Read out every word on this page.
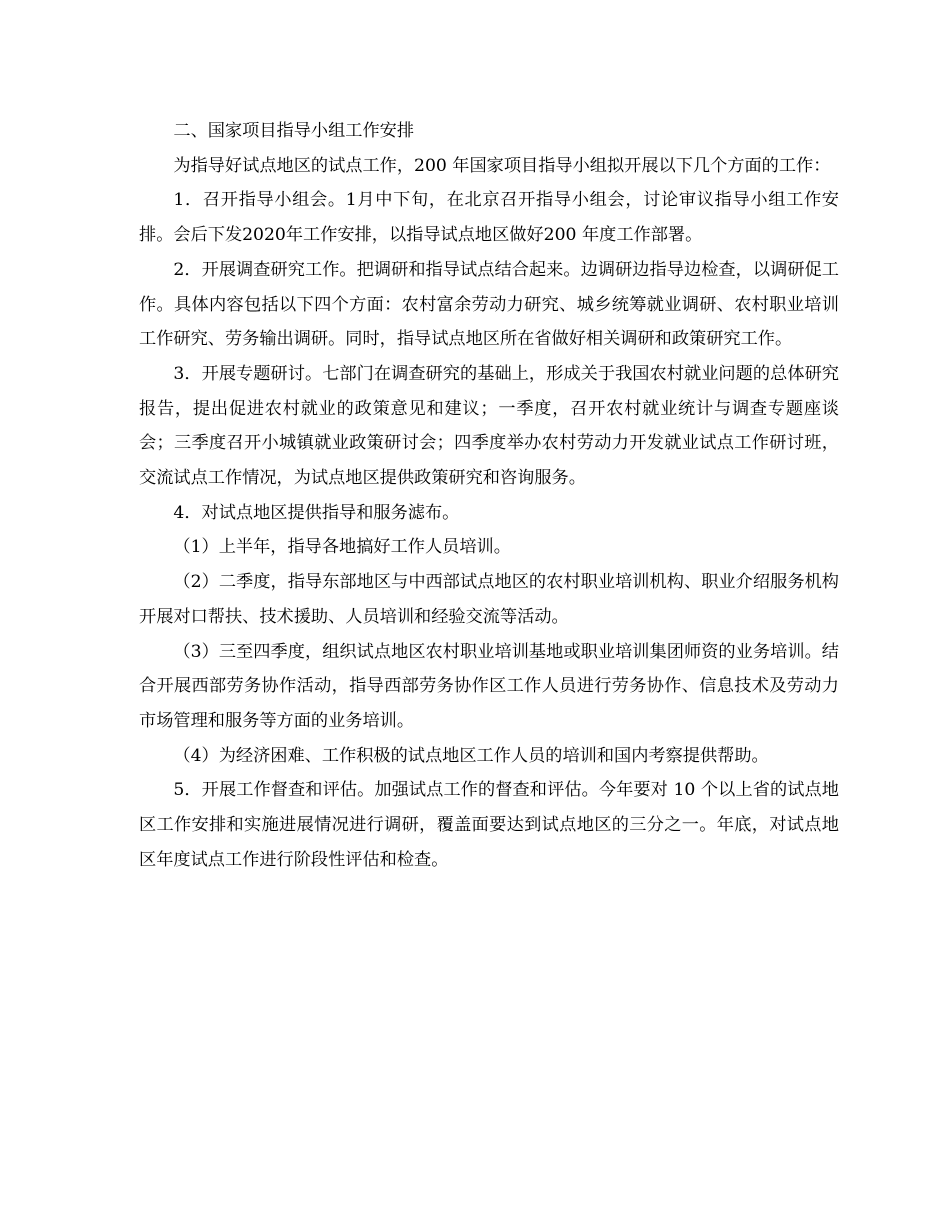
二、国家项目指导小组工作安排

为指导好试点地区的试点工作，200 年国家项目指导小组拟开展以下几个方面的工作：

1．召开指导小组会。1月中下旬，在北京召开指导小组会，讨论审议指导小组工作安排。会后下发2020年工作安排，以指导试点地区做好200 年度工作部署。

2．开展调查研究工作。把调研和指导试点结合起来。边调研边指导边检查，以调研促工作。具体内容包括以下四个方面：农村富余劳动力研究、城乡统筹就业调研、农村职业培训工作研究、劳务输出调研。同时，指导试点地区所在省做好相关调研和政策研究工作。

3．开展专题研讨。七部门在调查研究的基础上，形成关于我国农村就业问题的总体研究报告，提出促进农村就业的政策意见和建议；一季度，召开农村就业统计与调查专题座谈会；三季度召开小城镇就业政策研讨会；四季度举办农村劳动力开发就业试点工作研讨班，交流试点工作情况，为试点地区提供政策研究和咨询服务。

4．对试点地区提供指导和服务滤布。

（1）上半年，指导各地搞好工作人员培训。

（2）二季度，指导东部地区与中西部试点地区的农村职业培训机构、职业介绍服务机构开展对口帮扶、技术援助、人员培训和经验交流等活动。

（3）三至四季度，组织试点地区农村职业培训基地或职业培训集团师资的业务培训。结合开展西部劳务协作活动，指导西部劳务协作区工作人员进行劳务协作、信息技术及劳动力市场管理和服务等方面的业务培训。

（4）为经济困难、工作积极的试点地区工作人员的培训和国内考察提供帮助。

5．开展工作督查和评估。加强试点工作的督查和评估。今年要对 10 个以上省的试点地区工作安排和实施进展情况进行调研，覆盖面要达到试点地区的三分之一。年底，对试点地区年度试点工作进行阶段性评估和检查。
